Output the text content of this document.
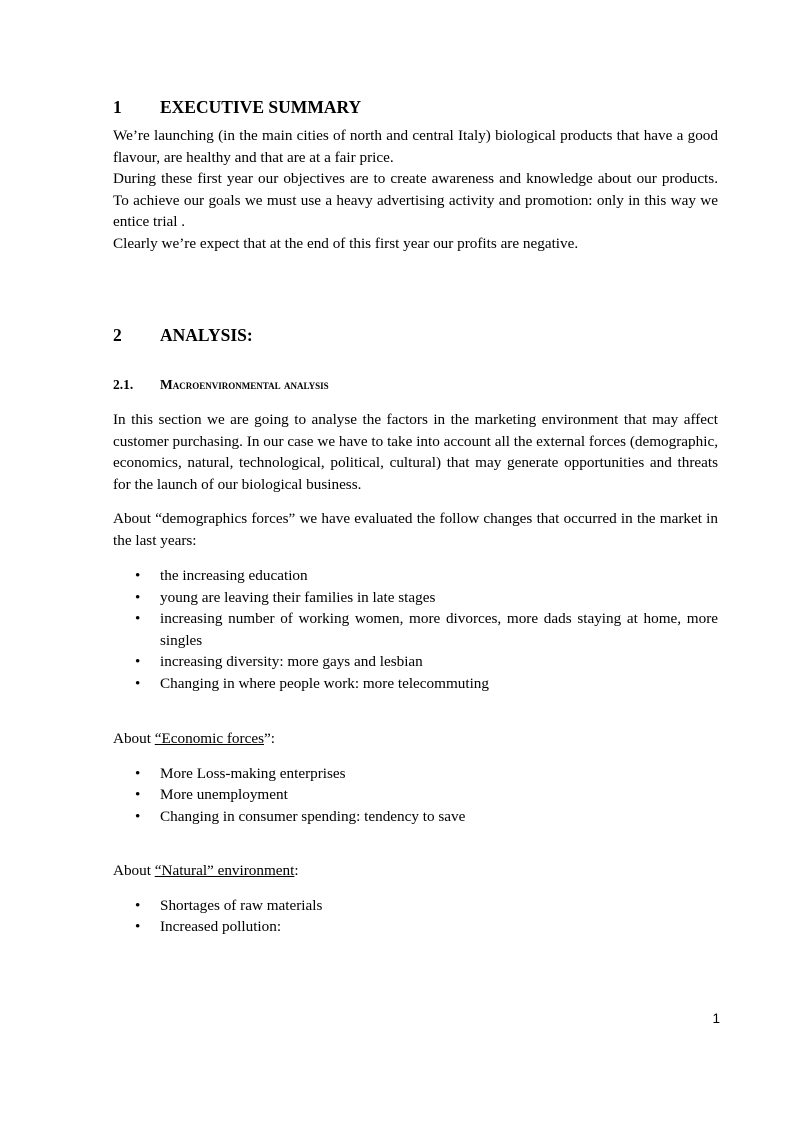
1	EXECUTIVE SUMMARY

We’re launching (in the main cities of north and central Italy) biological products that have a good flavour, are healthy and that are at a fair price.

During these first year our objectives are to create awareness and knowledge about our products. To achieve our goals we must use a heavy advertising activity and promotion: only in this way we entice trial .

Clearly we’re expect that at the end of this first year our profits are negative.

2	ANALYSIS:
2.1.	Macroenvironmental analysis

In this section we are going to analyse the factors in the marketing environment that may affect customer purchasing. In our case we have to take into account all the external forces (demographic, economics, natural, technological, political, cultural) that may generate opportunities and threats for the launch of our biological business.

About “demographics forces” we have evaluated the follow changes that occurred in the market in the last years:

• the increasing education
• young are leaving their families in late stages
• increasing number of working women, more divorces, more dads staying at home, more singles
• increasing diversity: more gays and lesbian
• Changing in where people work: more telecommuting

About “Economic forces”:

• More Loss-making enterprises
• More unemployment
• Changing in consumer spending: tendency to save

About “Natural” environment:

• Shortages of raw materials
• Increased pollution:
1
